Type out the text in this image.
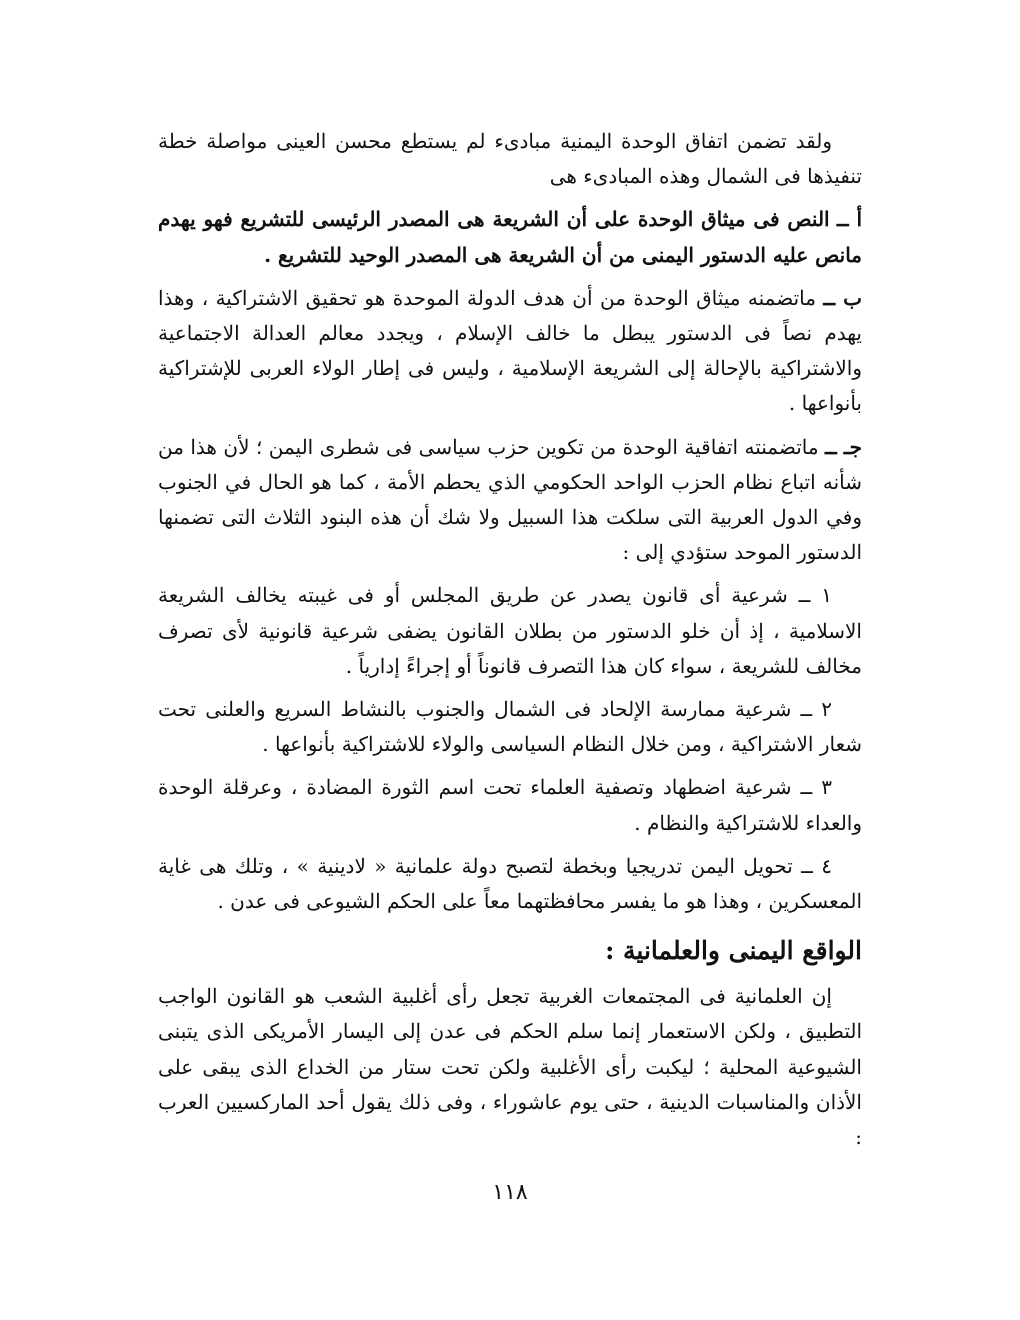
ولقد تضمن اتفاق الوحدة اليمنية مبادىء لم يستطع محسن العينى مواصلة خطة تنفيذها فى الشمال وهذه المبادىء هى

أ ــ النص فى ميثاق الوحدة على أن الشريعة هى المصدر الرئيسى للتشريع فهو يهدم مانص عليه الدستور اليمنى من أن الشريعة هى المصدر الوحيد للتشريع .

ب ــ ماتضمنه ميثاق الوحدة من أن هدف الدولة الموحدة هو تحقيق الاشتراكية ، وهذا يهدم نصاً فى الدستور يبطل ما خالف الإسلام ، ويجدد معالم العدالة الاجتماعية والاشتراكية بالإحالة إلى الشريعة الإسلامية ، وليس فى إطار الولاء العربى للإشتراكية بأنواعها .

جـ ــ ماتضمنته اتفاقية الوحدة من تكوين حزب سياسى فى شطرى اليمن ؛ لأن هذا من شأنه اتباع نظام الحزب الواحد الحكومي الذي يحطم الأمة ، كما هو الحال في الجنوب وفي الدول العربية التى سلكت هذا السبيل ولا شك أن هذه البنود الثلاث التى تضمنها الدستور الموحد ستؤدي إلى :

١ ــ شرعية أى قانون يصدر عن طريق المجلس أو فى غيبته يخالف الشريعة الاسلامية ، إذ أن خلو الدستور من بطلان القانون يضفى شرعية قانونية لأى تصرف مخالف للشريعة ، سواء كان هذا التصرف قانوناً أو إجراءً إدارياً .

٢ ــ شرعية ممارسة الإلحاد فى الشمال والجنوب بالنشاط السريع والعلنى تحت شعار الاشتراكية ، ومن خلال النظام السياسى والولاء للاشتراكية بأنواعها .

٣ ــ شرعية اضطهاد وتصفية العلماء تحت اسم الثورة المضادة ، وعرقلة الوحدة والعداء للاشتراكية والنظام .

٤ ــ تحويل اليمن تدريجيا وبخطة لتصبح دولة علمانية « لادينية » ، وتلك هى غاية المعسكرين ، وهذا هو ما يفسر محافظتهما معاً على الحكم الشيوعى فى عدن .

الواقع اليمنى والعلمانية :

إن العلمانية فى المجتمعات الغربية تجعل رأى أغلبية الشعب هو القانون الواجب التطبيق ، ولكن الاستعمار إنما سلم الحكم فى عدن إلى اليسار الأمريكى الذى يتبنى الشيوعية المحلية ؛ ليكبت رأى الأغلبية ولكن تحت ستار من الخداع الذى يبقى على الأذان والمناسبات الدينية ، حتى يوم عاشوراء ، وفى ذلك يقول أحد الماركسيين العرب :

١١٨
